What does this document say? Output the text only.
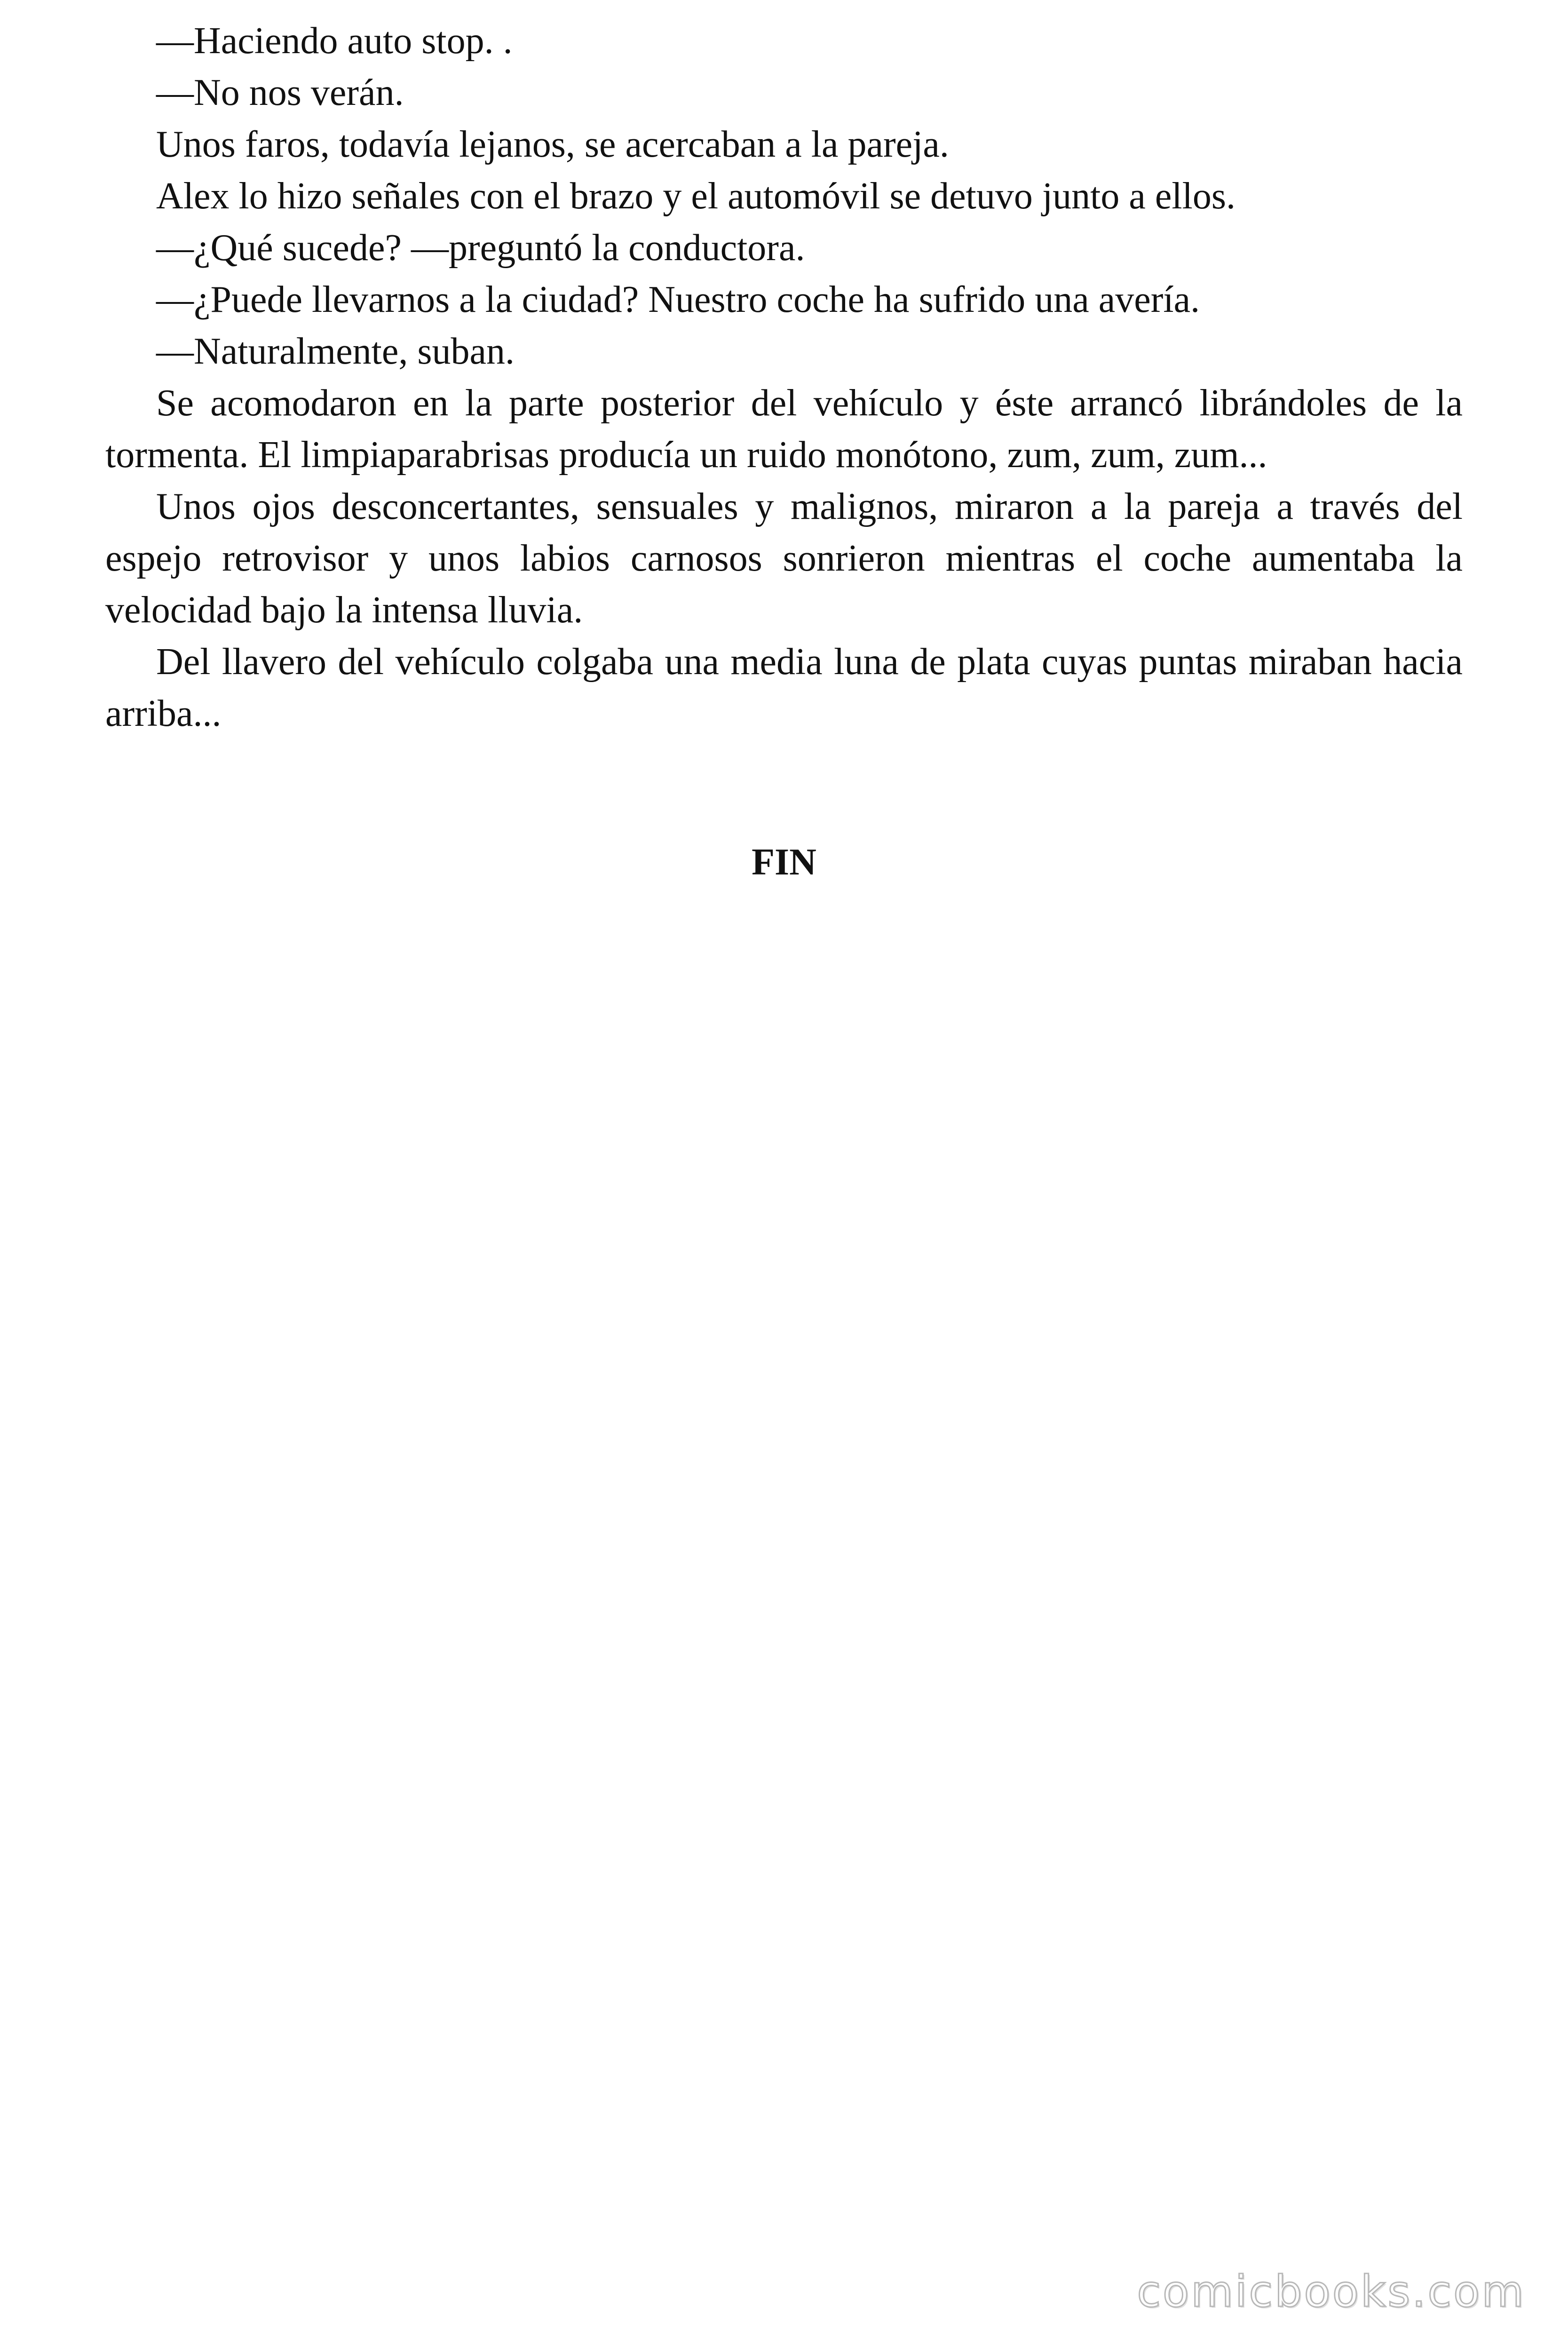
—Haciendo auto stop. .

—No nos verán.

Unos faros, todavía lejanos, se acercaban a la pareja.

Alex lo hizo señales con el brazo y el automóvil se detuvo junto a ellos.

—¿Qué sucede? —preguntó la conductora.

—¿Puede llevarnos a la ciudad? Nuestro coche ha sufrido una avería.

—Naturalmente, suban.

Se acomodaron en la parte posterior del vehículo y éste arrancó librándoles de la tormenta. El limpiaparabrisas producía un ruido monótono, zum, zum, zum...

Unos ojos desconcertantes, sensuales y malignos, miraron a la pareja a través del espejo retrovisor y unos labios carnosos sonrieron mientras el coche aumentaba la velocidad bajo la intensa lluvia.

Del llavero del vehículo colgaba una media luna de plata cuyas puntas miraban hacia arriba...

FIN
comicbooks.com
